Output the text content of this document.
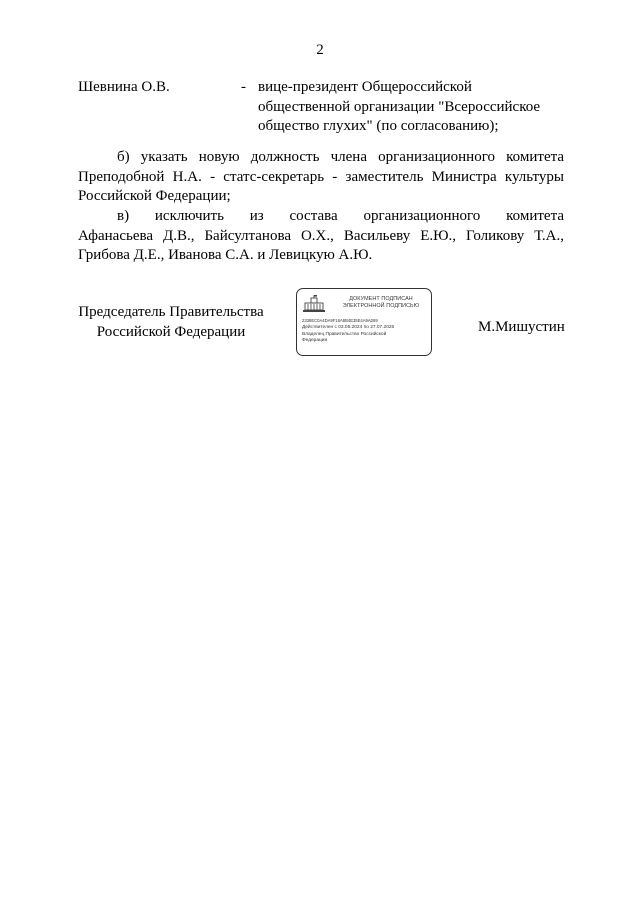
2
Шевнина О.В.	- вице-президент Общероссийской
общественной организации "Всероссийское
общество глухих" (по согласованию);
б) указать новую должность члена организационного комитета
Преподобной Н.А. - статс-секретарь - заместитель Министра культуры
Российской Федерации;
в) исключить из состава организационного комитета
Афанасьева Д.В., Байсултанова О.Х., Васильеву Е.Ю., Голикову Т.А.,
Грибова Д.Е., Иванова С.А. и Левицкую А.Ю.
Председатель Правительства
Российской Федерации
ДОКУМЕНТ ПОДПИСАН
ЭЛЕКТРОННОЙ ПОДПИСЬЮ
2338EC0A4DA9F18A8B4E35E4A9A069
Действителен с 03.05.2024 по 27.07.2025
Владелец Правительство Российской
Федерации
М.Мишустин
